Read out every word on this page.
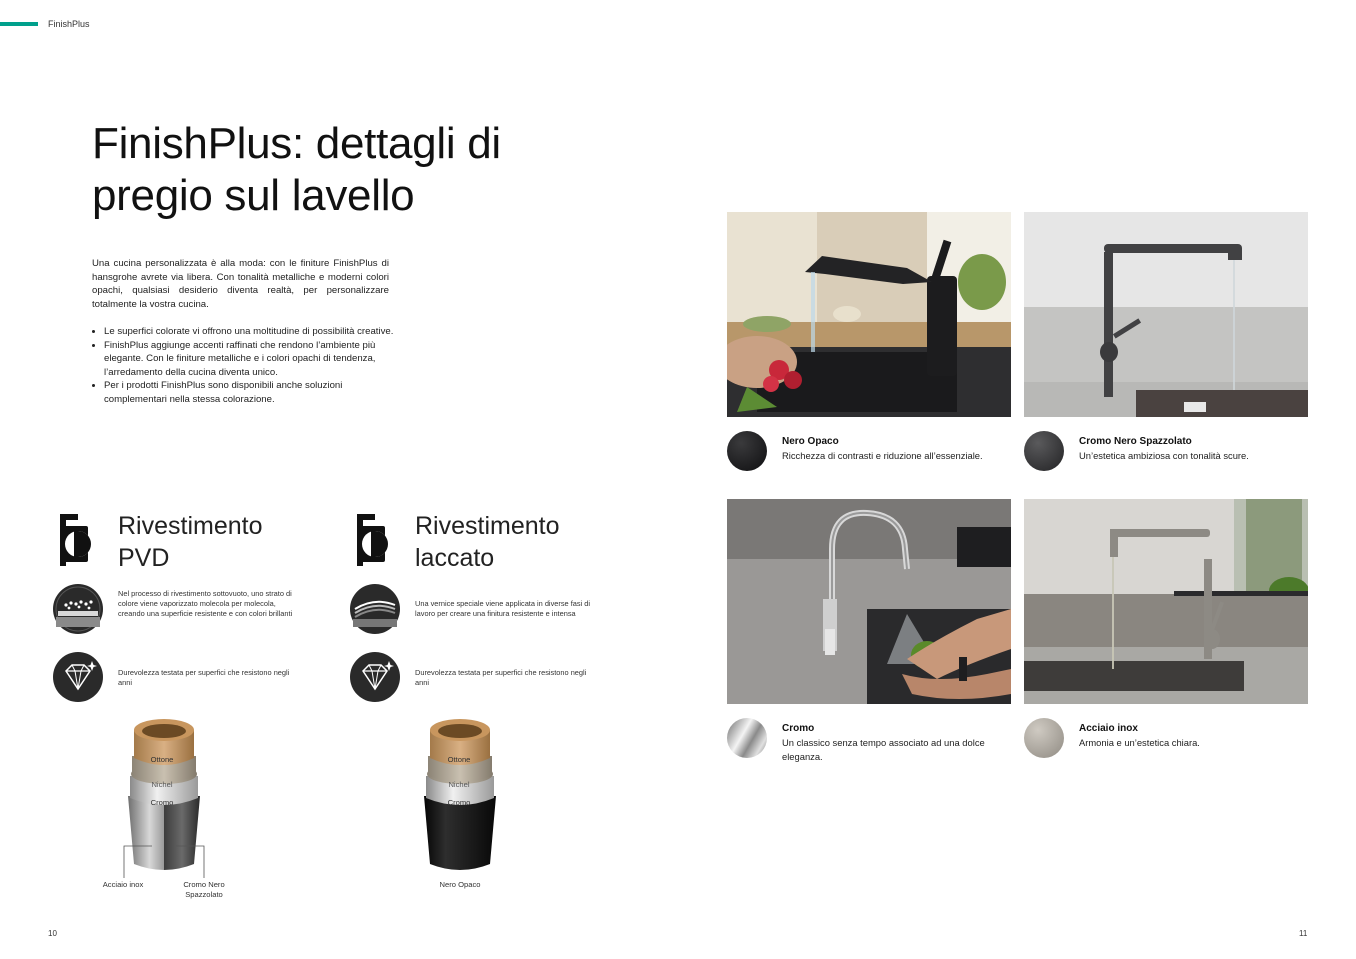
FinishPlus
FinishPlus: dettagli di
pregio sul lavello
Una cucina personalizzata è alla moda: con le finiture FinishPlus di hansgrohe avrete via libera. Con tonalità metalliche e moderni colori opachi, qualsiasi desiderio diventa realtà, per personalizzare totalmente la vostra cucina.
• Le superfici colorate vi offrono una moltitudine di possibilità creative.
• FinishPlus aggiunge accenti raffinati che rendono l’ambiente più elegante. Con le finiture metalliche e i colori opachi di tendenza, l’arredamento della cucina diventa unico.
• Per i prodotti FinishPlus sono disponibili anche soluzioni complementari nella stessa colorazione.
Rivestimento
PVD
Nel processo di rivestimento sottovuoto, uno strato di colore viene vaporizzato molecola per molecola, creando una superficie resistente e con colori brillanti
Durevolezza testata per superfici che resistono negli anni
Ottone
Nichel
Cromo
Acciaio inox	Cromo Nero Spazzolato
Rivestimento
laccato
Una vernice speciale viene applicata in diverse fasi di lavoro per creare una finitura resistente e intensa
Durevolezza testata per superfici che resistono negli anni
Ottone
Nichel
Cromo
Nero Opaco
Nero Opaco
Ricchezza di contrasti e riduzione all’essenziale.
Cromo Nero Spazzolato
Un’estetica ambiziosa con tonalità scure.
Cromo
Un classico senza tempo associato ad una dolce eleganza.
Acciaio inox
Armonia e un’estetica chiara.
10	11
